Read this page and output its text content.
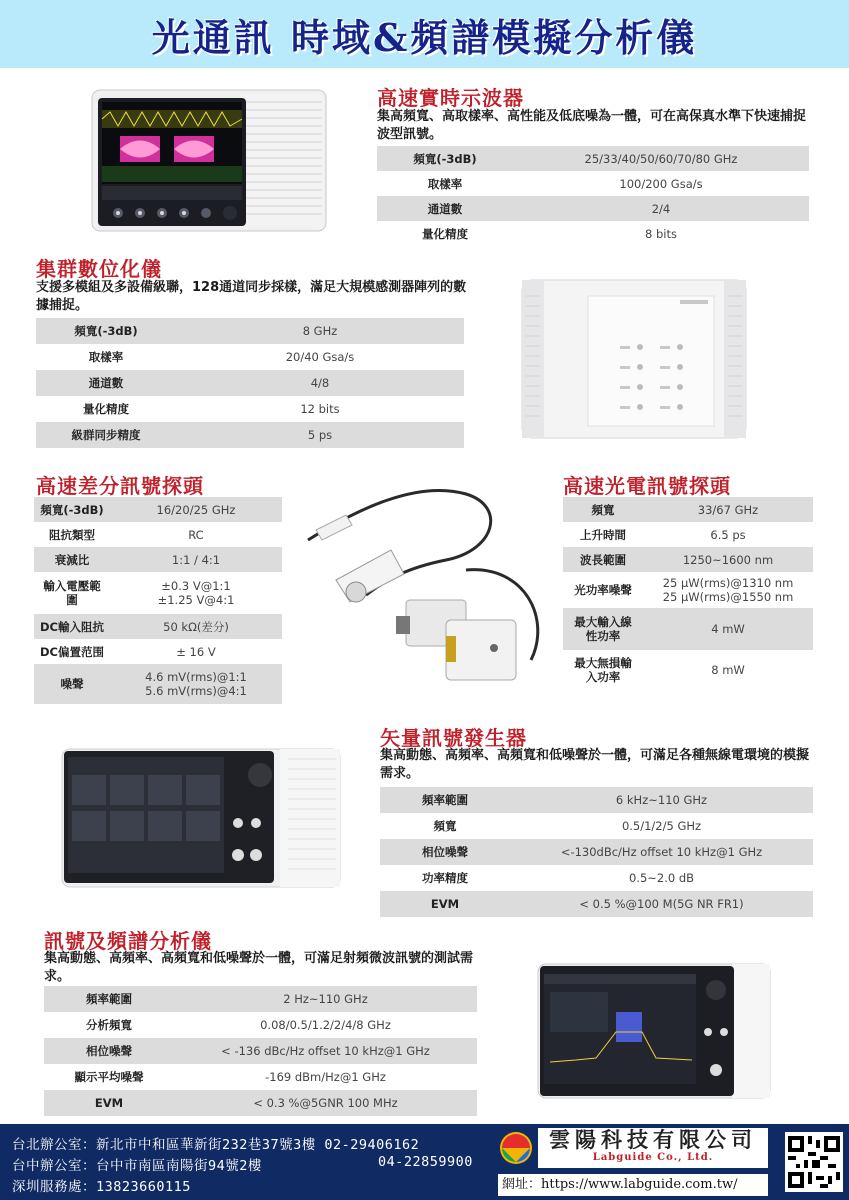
光通訊 時域&頻譜模擬分析儀
高速實時示波器
集高頻寬、高取樣率、高性能及低底噪為一體，可在高保真水準下快速捕捉波型訊號。
頻寬(-3dB)	25/33/40/50/60/70/80 GHz
取樣率	100/200 Gsa/s
通道數	2/4
量化精度	8 bits
集群數位化儀
支援多模組及多設備級聯，128通道同步採樣，滿足大規模感測器陣列的數據捕捉。
頻寬(-3dB)	8 GHz
取樣率	20/40 Gsa/s
通道數	4/8
量化精度	12 bits
級群同步精度	5 ps
高速差分訊號探頭
頻寬(-3dB)	16/20/25 GHz
阻抗類型	RC
衰減比	1:1 / 4:1
輸入電壓範圍	±0.3 V@1:1
±1.25 V@4:1
DC輸入阻抗	50 kΩ(差分)
DC偏置范围	± 16 V
噪聲	4.6 mV(rms)@1:1
5.6 mV(rms)@4:1
高速光電訊號探頭
頻寬	33/67 GHz
上升時間	6.5 ps
波長範圍	1250~1600 nm
光功率噪聲	25 μW(rms)@1310 nm
25 μW(rms)@1550 nm
最大輸入線性功率	4 mW
最大無損輸入功率	8 mW
矢量訊號發生器
集高動態、高頻率、高頻寬和低噪聲於一體，可滿足各種無線電環境的模擬需求。
頻率範圍	6 kHz~110 GHz
頻寬	0.5/1/2/5 GHz
相位噪聲	<-130dBc/Hz offset 10 kHz@1 GHz
功率精度	0.5~2.0 dB
EVM	< 0.5 %@100 M(5G NR FR1)
訊號及頻譜分析儀
集高動態、高頻率、高頻寬和低噪聲於一體，可滿足射頻微波訊號的測試需求。
頻率範圍	2 Hz~110 GHz
分析頻寬	0.08/0.5/1.2/2/4/8 GHz
相位噪聲	< -136 dBc/Hz offset 10 kHz@1 GHz
顯示平均噪聲	-169 dBm/Hz@1 GHz
EVM	< 0.3 %@5GNR 100 MHz
台北辦公室：新北市中和區華新街232巷37號3樓 02-29406162
台中辦公室：台中市南區南陽街94號2樓	04-22859900
深圳服務處：13823660115
雲陽科技有限公司
Labguide Co., Ltd.
網址：https://www.labguide.com.tw/
